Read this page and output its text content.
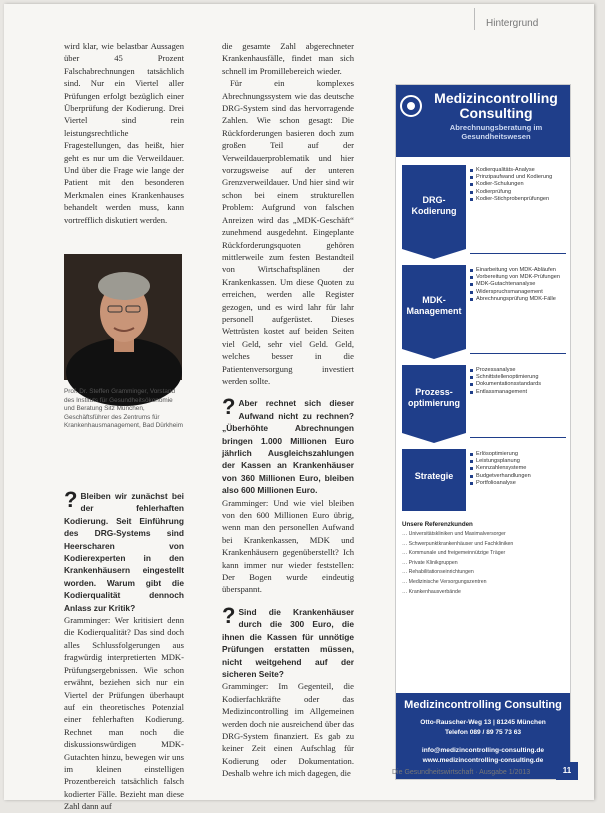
Hintergrund

wird klar, wie belastbar Aussagen über 45 Prozent Falschabrechnungen tatsächlich sind. Nur ein Viertel aller Prüfungen erfolgt bezüglich einer Überprüfung der Kodierung. Drei Viertel sind rein leistungsrechtliche Fragestellungen, das heißt, hier geht es nur um die Verweildauer. Und über die Frage wie lange der Patient mit den besonderen Merkmalen eines Krankenhauses behandelt werden muss, kann vortrefflich diskutiert werden.

Prof. Dr. Steffen Gramminger, Vorstand des Instituts für Gesundheitsökonomie und Beratung Sitz München, Geschäftsführer des Zentrums für Krankenhausmanagement, Bad Dürkheim

? Bleiben wir zunächst bei der fehlerhaften Kodierung. Seit Einführung des DRG-Systems sind Heerscharen von Kodierexperten in den Krankenhäusern eingestellt worden. Warum gibt die Kodierqualität dennoch Anlass zur Kritik?

Gramminger: Wer kritisiert denn die Kodierqualität? Das sind doch alles Schlussfolgerungen aus fragwürdig interpretierten MDK-Prüfungsergebnissen. Wie schon erwähnt, beziehen sich nur ein Viertel der Prüfungen überhaupt auf ein theoretisches Potenzial einer fehlerhaften Kodierung. Rechnet man noch die diskussionswürdigen MDK-Gutachten hinzu, bewegen wir uns im kleinen einstelligen Prozentbereich tatsächlich falsch kodierter Fälle. Bezieht man diese Zahl dann auf

die gesamte Zahl abgerechneter Krankenhausfälle, findet man sich schnell im Promillebereich wieder.

Für ein komplexes Abrechnungssystem wie das deutsche DRG-System sind das hervorragende Zahlen. Wie schon gesagt: Die Rückforderungen basieren doch zum großen Teil auf der Verweildauerproblematik und hier vorzugsweise auf der unteren Grenzverweildauer. Und hier sind wir schon bei einem strukturellen Problem: Aufgrund von falschen Anreizen wird das „MDK-Geschäft“ zunehmend ausgedehnt. Eingeplante Rückforderungsquoten gehören mittlerweile zum festen Bestandteil von Wirtschaftsplänen der Krankenkassen. Um diese Quoten zu erreichen, werden alle Register gezogen, und es wird lahr für lahr personell aufgerüstet. Dieses Wettrüsten kostet auf beiden Seiten viel Geld, sehr viel Geld. Geld, welches besser in die Patientenversorgung investiert werden sollte.

? Aber rechnet sich dieser Aufwand nicht zu rechnen? „Überhöhte Abrechnungen bringen 1.000 Millionen Euro jährlich Ausgleichszahlungen der Kassen an Krankenhäuser von 360 Millionen Euro, bleiben also 600 Millionen Euro.

Gramminger: Und wie viel bleiben von den 600 Millionen Euro übrig, wenn man den personellen Aufwand bei Krankenkassen, MDK und Krankenhäusern gegenüberstellt? Ich kann immer nur wieder feststellen: Der Bogen wurde eindeutig überspannt.

? Sind die Krankenhäuser durch die 300 Euro, die ihnen die Kassen für unnötige Prüfungen erstatten müssen, nicht weitgehend auf der sicheren Seite?

Gramminger: Im Gegenteil, die Kodierfachkräfte oder das Medizincontrolling im Allgemeinen werden doch nie ausreichend über das DRG-System finanziert. Es gab zu keiner Zeit einen Aufschlag für Kodierung oder Dokumentation. Deshalb wehre ich mich dagegen, die

Medizincontrolling Consulting
Abrechnungsberatung im Gesundheitswesen
DRG-Kodierung
Kodierqualitäts-Analyse
Prinzipaufwand und Kodierung
Kodier-Schulungen
Kodierprüfung
Kodier-Stichprobenprüfungen
MDK-Management
Einarbeitung von MDK-Abläufen
Vorbereitung von MDK-Prüfungen
MDK-Gutachtenanalyse
Widerspruchsmanagement
Abrechnungsprüfung MDK-Fälle
Prozess-optimierung
Prozessanalyse
Schnittstellenoptimierung
Dokumentationsstandards
Entlassmanagement
Strategie
Erlösoptimierung
Leistungsplanung
Kennzahlensysteme
Budgetverhandlungen
Portfolioanalyse
Unsere Referenzkunden
… Universitätskliniken und Maximalversorger
… Schwerpunktkrankenhäuser und Fachkliniken
… Kommunale und freigemeinnützige Träger
… Private Klinikgruppen
… Rehabilitationseinrichtungen
… Medizinische Versorgungszentren
… Krankenhausverbände
Medizincontrolling Consulting
Otto-Rauscher-Weg 13 | 81245 München
Telefon 089 / 89 75 73 63
info@medizincontrolling-consulting.de
www.medizincontrolling-consulting.de
Die Gesundheitswirtschaft · Ausgabe 1/2013	11
